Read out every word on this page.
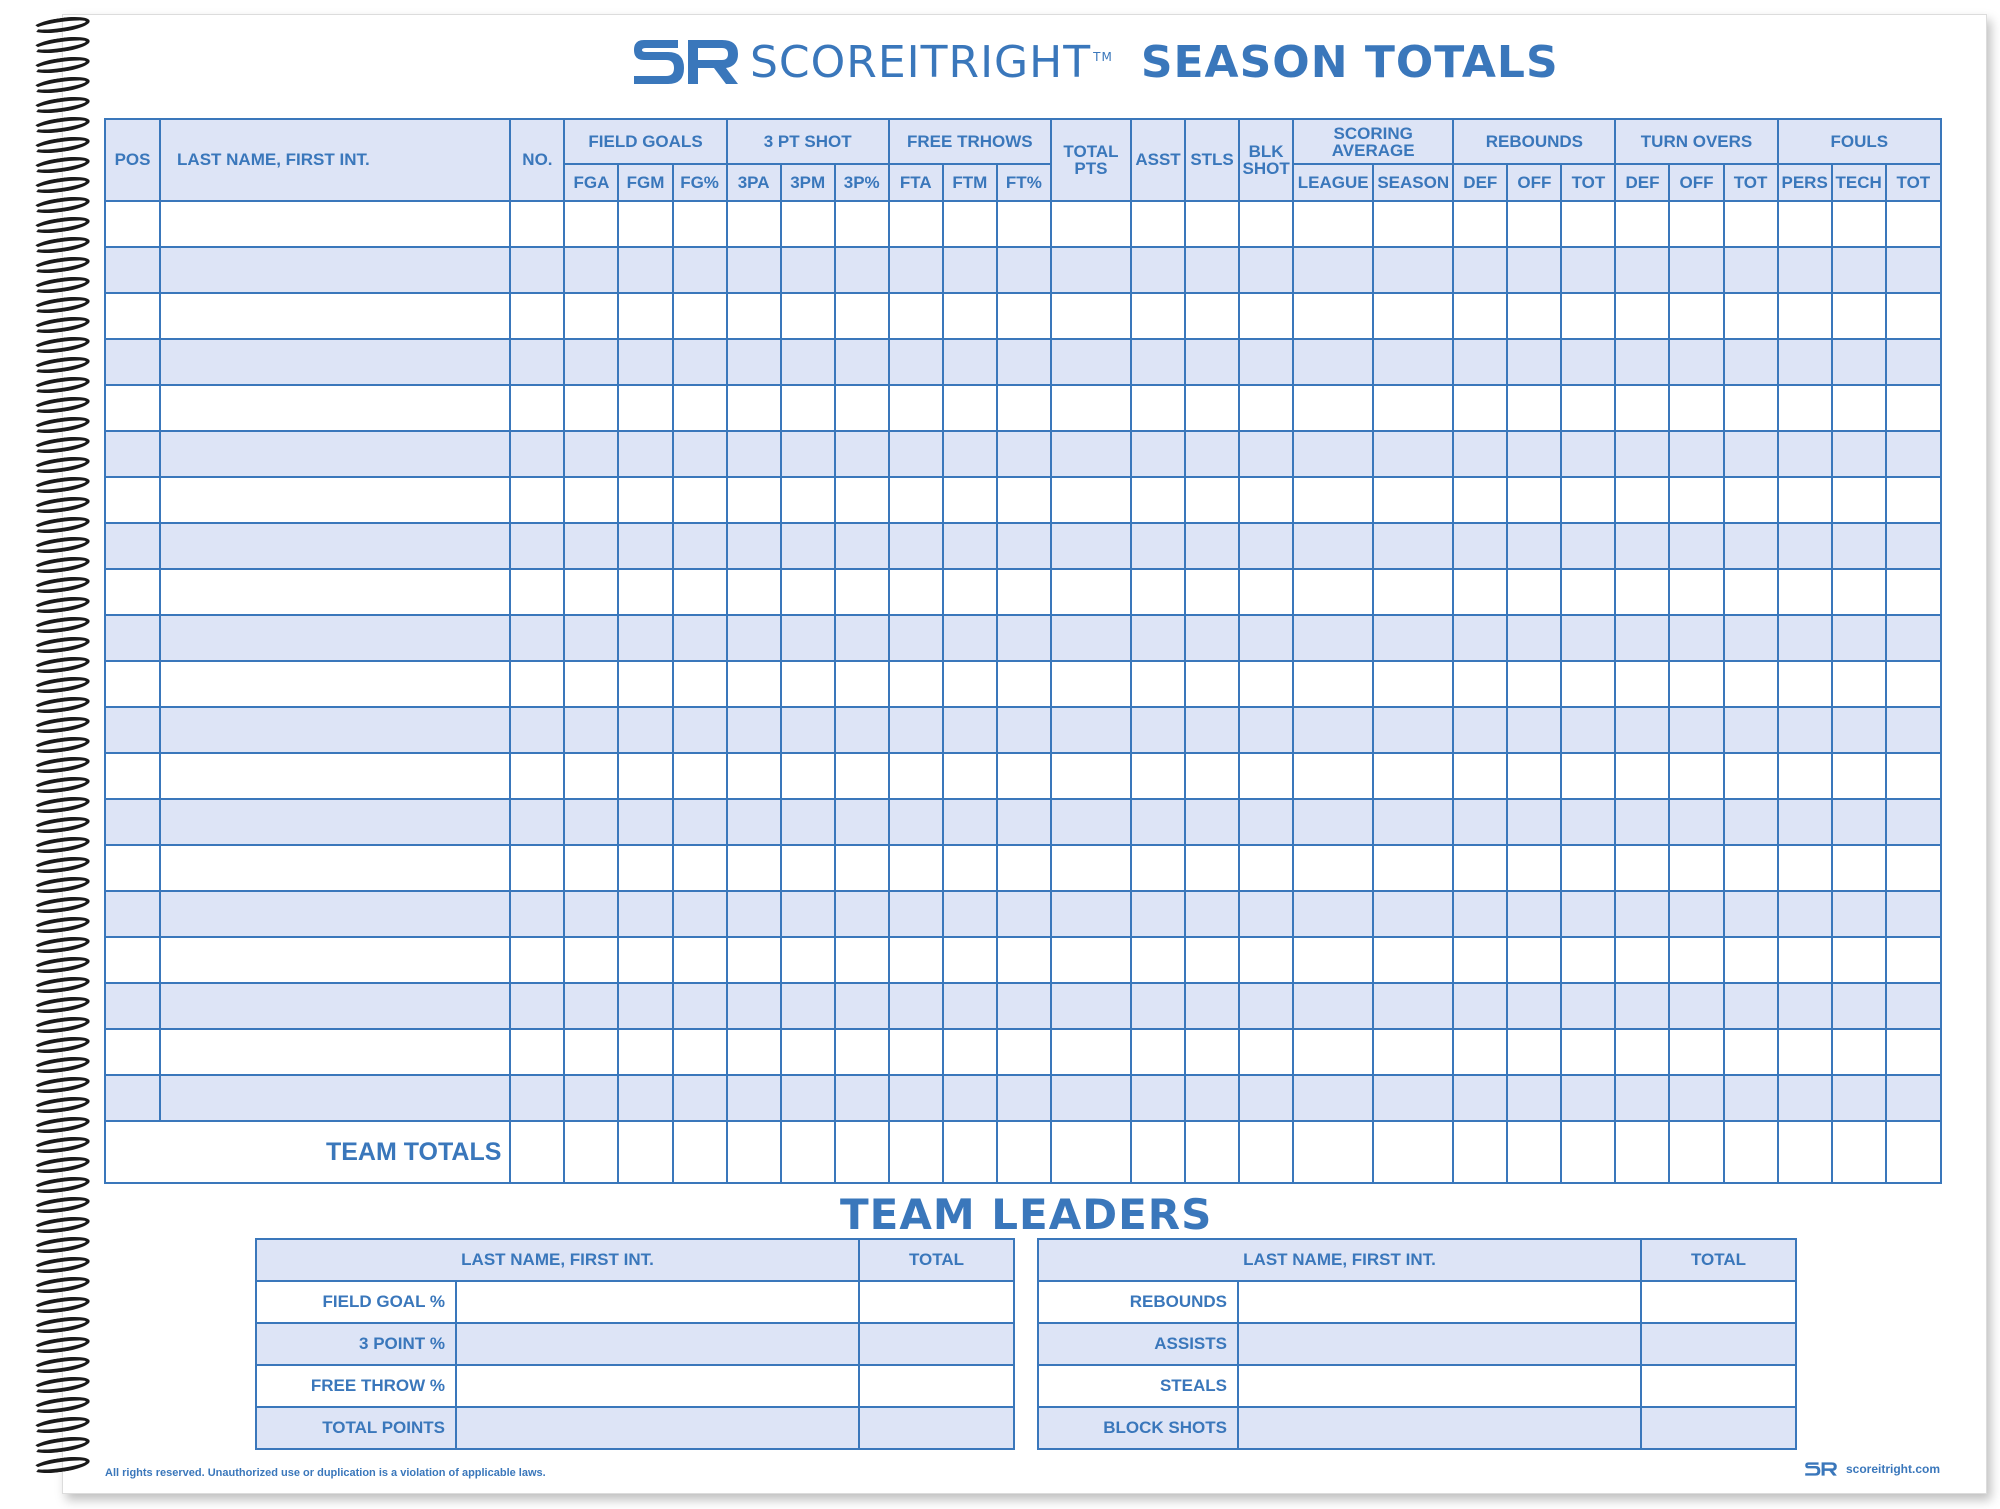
SCOREITRIGHT ™ SEASON TOTALS
POS	LAST NAME, FIRST INT.	NO.	FIELD GOALS			3 PT SHOT			FREE TRHOWS			TOTAL PTS	ASST	STLS	BLK SHOT	SCORING AVERAGE		REBOUNDS			TURN OVERS			FOULS		
			FGA	FGM	FG%	3PA	3PM	3P%	FTA	FTM	FT%					LEAGUE	SEASON	DEF	OFF	TOT	DEF	OFF	TOT	PERS	TECH	TOT

TEAM TOTALS																										
TEAM LEADERS
LAST NAME, FIRST INT.		TOTAL
FIELD GOAL %		
3 POINT %		
FREE THROW %		
TOTAL POINTS		
LAST NAME, FIRST INT.		TOTAL
REBOUNDS		
ASSISTS		
STEALS		
BLOCK SHOTS		
All rights reserved. Unauthorized use or duplication is a violation of applicable laws.	scoreitright.com
